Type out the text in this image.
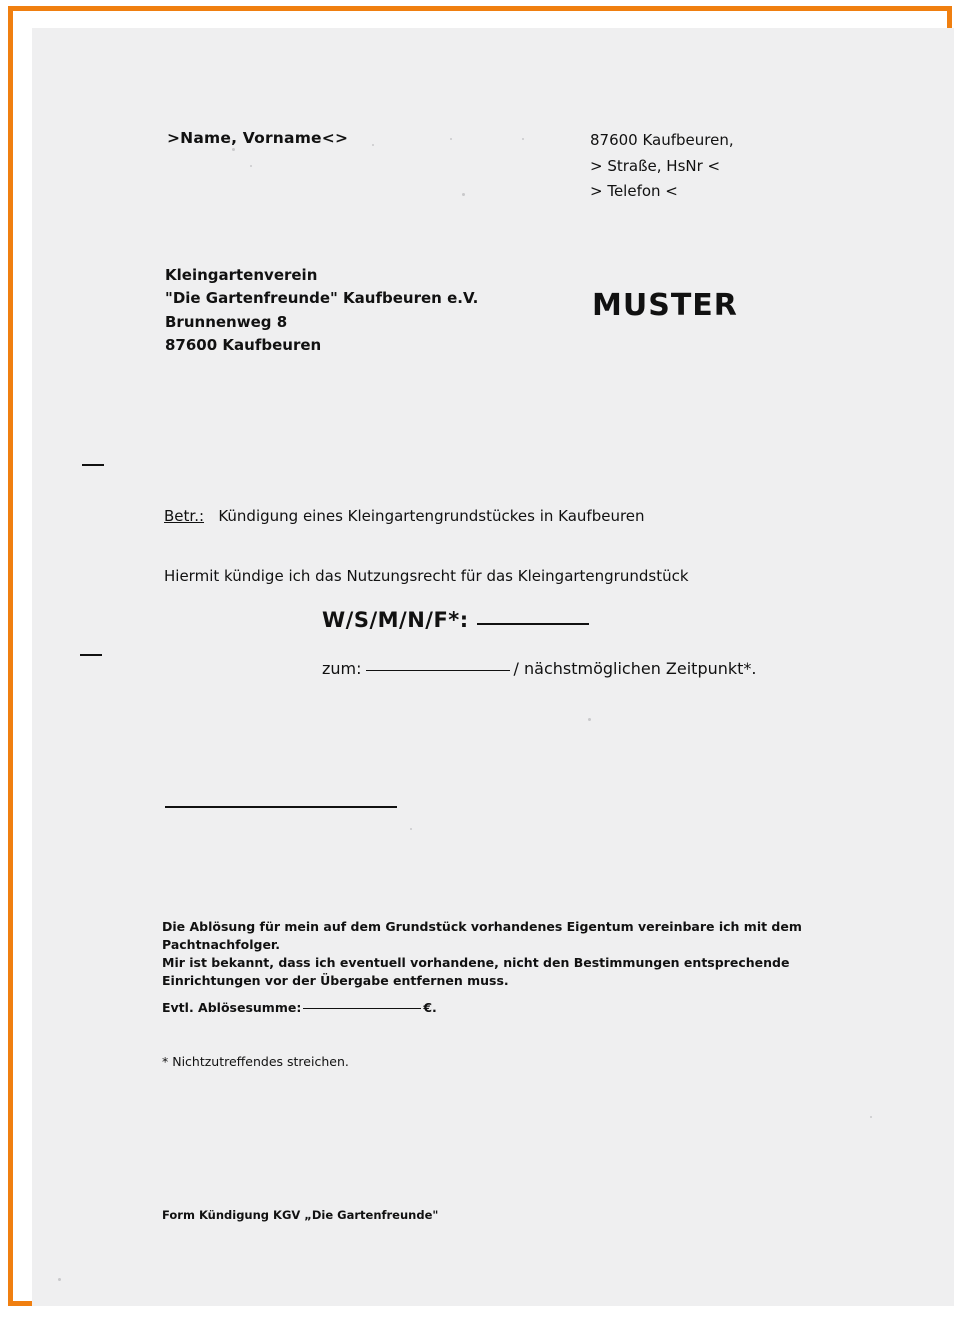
>Name, Vorname<>	87600 Kaufbeuren,
> Straße, HsNr <
> Telefon <
Kleingartenverein
"Die Gartenfreunde" Kaufbeuren e.V.
Brunnenweg 8
87600 Kaufbeuren
MUSTER
Betr.: Kündigung eines Kleingartengrundstückes in Kaufbeuren
Hiermit kündige ich das Nutzungsrecht für das Kleingartengrundstück
W/S/M/N/F*:
zum:	/ nächstmöglichen Zeitpunkt*.
Die Ablösung für mein auf dem Grundstück vorhandenes Eigentum vereinbare ich mit dem
Pachtnachfolger.
Mir ist bekannt, dass ich eventuell vorhandene, nicht den Bestimmungen entsprechende
Einrichtungen vor der Übergabe entfernen muss.
Evtl. Ablösesumme:	€.
* Nichtzutreffendes streichen.
Form Kündigung KGV „Die Gartenfreunde"
